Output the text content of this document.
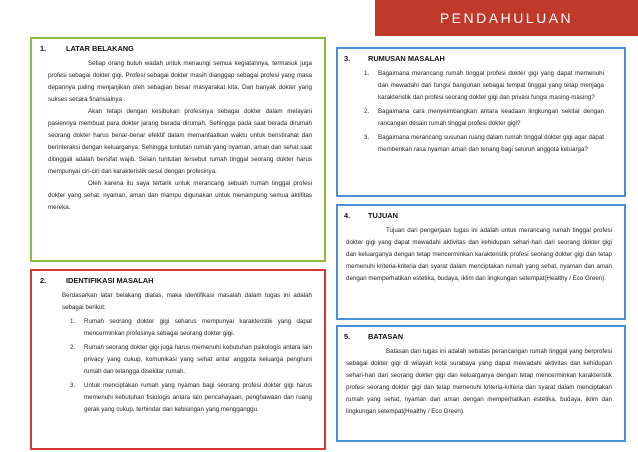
PENDAHULUAN
1.	LATAR BELAKANG

Setiap orang butuh wadah untuk menaungi semua kegiatannya, termasuk juga profesi sebagai dokter gigi. Profesi sebagai dokter masih dianggap sebagai profesi yang masa depannya paling menjanjikan oleh sebagian besar masyarakat kita. Dan banyak dokter yang sukses secara finansialnya .

Akan tetapi dengan kesibukan profesinya sebagai dokter dalam melayani pasiennya membuat para dokter jarang berada dirumah. Sehingga pada saat berada dirumah seorang dokter harus benar-benar efektif dalam memanfaatkan waktu untuk beristirahat dan berinteraksi dengan keluarganya. Sehingga tuntutan rumah yang nyaman, aman dan sehat saat ditinggali adalah bersifat wajib. Selain tuntutan tersebut rumah tinggal seorang dokter harus mempunyai ciri-ciri dan karakteristik sesui dengan profesinya.

Oleh karena itu saya tertarik untuk merancang sebuah rumah tinggal profesi dokter yang sehat, nyaman, aman dan mampu digunakan untuk menampung semua aktifitas mereka.

2.	IDENTIFIKASI MASALAH

Berdasarkan latar belakang diatas, maka identifikasi masalah dalam tugas ini adalah sebagai berikut:

1.	Rumah seorang dokter gigi seharus mempunyai karakteristik yang dapat mencerminkan profesinya sebagai seorang dokter gigi.
2.	Rumah seorang dokter gigi juga harus memenuhi kebutuhan psikologis antara lain privacy yang cukup, komunikasi yang sehat antar anggota keluarga penghuni rumah dan tetangga disekitar rumah.
3.	Untuk menciptakan rumah yang nyaman bagi seorang profesi dokter gigi harus memenuhi kebutuhan fisiologis antara lain pencahayaan, penghawaan dan ruang gerak yang cukup, terhindar dari kebisingan yang mengganggu.
3.	RUMUSAN MASALAH
1.	Bagaimana merancang rumah tinggal profesi dokter gigi yang dapat memenuhi dan mewadahi dari fungsi bangunan sebagai tempat tinggal yang tetap menjaga karakteristik dari profesi seorang dokter gigi dan privasi fungsi masing-masing?
2.	Bagaimana cara menyeimbangkan antara keadaan lingkungan sekitar dengan rancangan desain rumah tinggal profesi dokter gigi?
3.	Bagaimana merancang susunan ruang dalam rumah tinggal dokter gigi agar dapat memberikan rasa nyaman aman dan tenang bagi seluruh anggota keluarga?
4.	TUJUAN

Tujuan dari pengerjaan tugas ini adalah untuk merancang rumah tinggal profesi dokter gigi yang dapat mewadahi aktivitas dan kehidupan sehari-hari dari seorang dokter gigi dan keluarganya dengan tetap mencerminkan karakteristik profesi seorang dokter gigi dan tetap memenuhi kriteria-kriteria dan syarat dalam menciptakan rumah yang sehat, nyaman dan aman dengan memperhatikan estetika, budaya, iklim dan lingkungan setempat(Healthy / Eco Green).

5.	BATASAN

Batasan dari tugas ini adalah sebatas perancangan rumah tinggal yang berprofesi sebagai dokter gigi di wilayah kota surabaya yang dapat mewadahi aktivitas dan kehidupan sehari-hari dari seorang dokter gigi dan keluarganya dengan tetap mencerminkan karakteristik profesi seorang dokter gigi dan tetap memenuhi kriteria-kriteria dan syarat dalam menciptakan rumah yang sehat, nyaman dan aman dengan memperhatikan estetika, budaya, iklim dan lingkungan setempat(Healthy / Eco Green).
